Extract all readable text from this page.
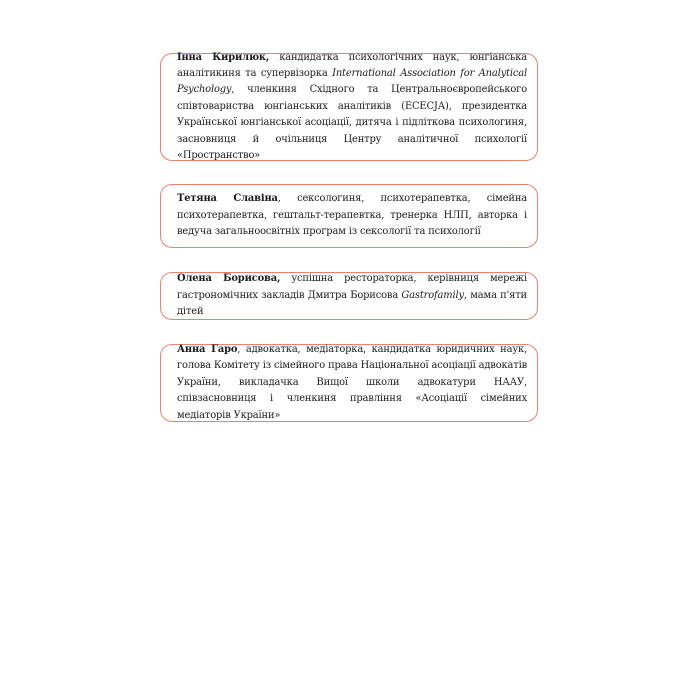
Інна Кирилюк, кандидатка психологічних наук, юнгіанська аналітикиня та супервізорка International Association for Analytical Psychology, членкиня Східного та Центральноєвропейського співтовариства юнгіанських аналітиків (ЕСЕСЈА), президентка Української юнгіанської асоціації, дитяча і підліткова психологиня, засновниця й очільниця Центру аналітичної психології «Пространство»

Тетяна Славіна, сексологиня, психотерапевтка, сімейна психотерапевтка, гештальт-терапевтка, тренерка НЛП, авторка і ведуча загальноосвітніх програм із сексології та психології

Олена Борисова, успішна рестораторка, керівниця мережі гастрономічних закладів Дмитра Борисова Gastrofamily, мама п'яти дітей

Анна Гаро, адвокатка, медіаторка, кандидатка юридичних наук, голова Комітету із сімейного права Національної асоціації адвокатів України, викладачка Вищої школи адвокатури НААУ, співзасновниця і членкиня правління «Асоціації сімейних медіаторів України»
